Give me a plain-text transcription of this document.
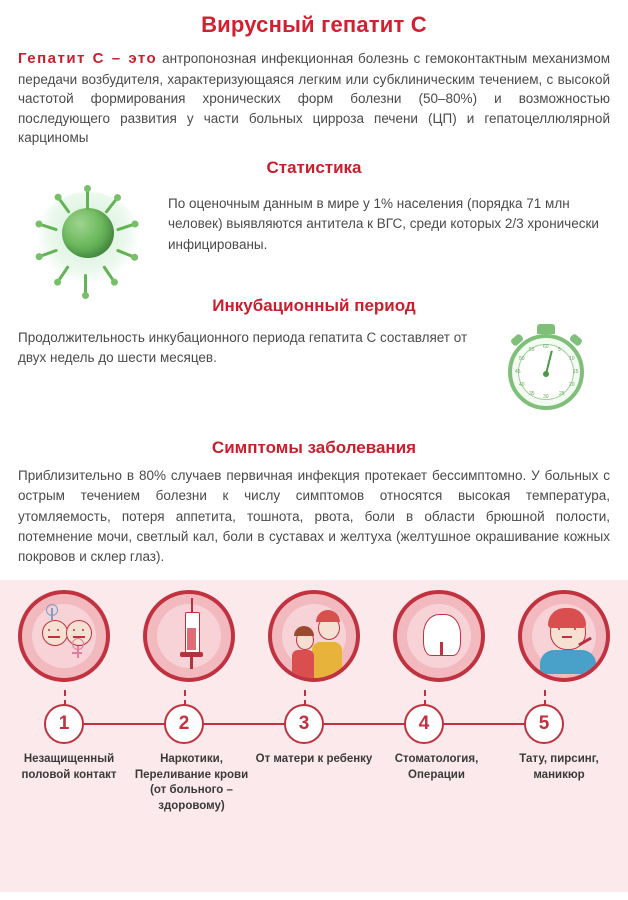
Вирусный гепатит С

Гепатит С – это антропонозная инфекционная болезнь с гемоконтактным механизмом передачи возбудителя, характеризующаяся легким или субклиническим течением, с высокой частотой формирования хронических форм болезни (50–80%) и возможностью последующего развития у части больных цирроза печени (ЦП) и гепатоцеллюлярной карциномы

Статистика
По оценочным данным в мире у 1% населения (порядка 71 млн человек) выявляются антитела к ВГС, среди которых 2/3 хронически инфицированы.
Инкубационный период
Продолжительность инкубационного периода гепатита С составляет от двух недель до шести месяцев.
60 5
10
15
20
25
30
35
40
45
50
55
Симптомы заболевания

Приблизительно в 80% случаев первичная инфекция протекает бессимптомно. У больных с острым течением болезни к числу симптомов относятся высокая температура, утомляемость, потеря аппетита, тошнота, рвота, боли в области брюшной полости, потемнение мочи, светлый кал, боли в суставах и желтуха (желтушное окрашивание кожных покровов и склер глаз).

1	2	3	4	5
Незащищенный половой контакт
Наркотики, Переливание крови (от больного – здоровому)
От матери к ребенку	Стоматология, Операции
Тату, пирсинг, маникюр
